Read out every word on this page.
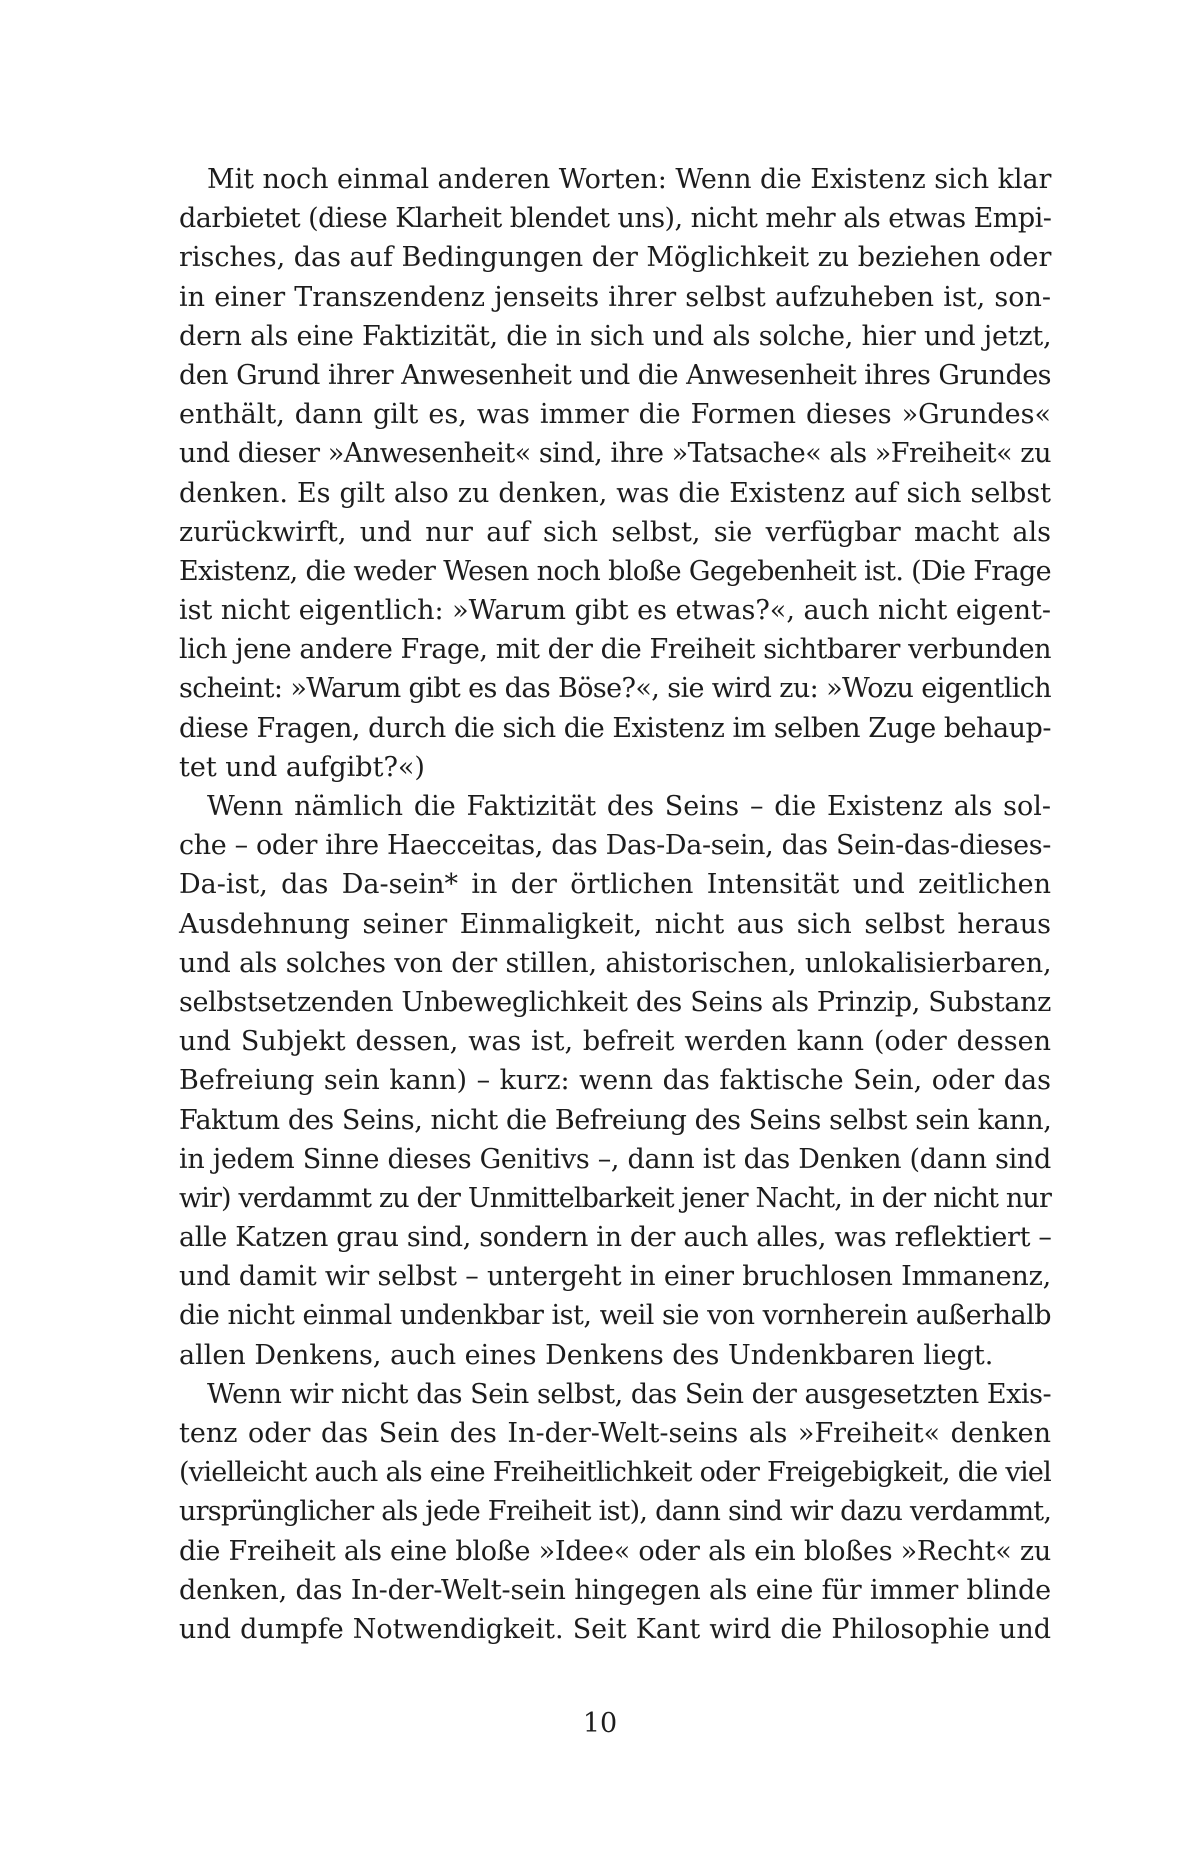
Mit noch einmal anderen Worten: Wenn die Existenz sich klar
darbietet (diese Klarheit blendet uns), nicht mehr als etwas Empi-
risches, das auf Bedingungen der Möglichkeit zu beziehen oder
in einer Transzendenz jenseits ihrer selbst aufzuheben ist, son-
dern als eine Faktizität, die in sich und als solche, hier und jetzt,
den Grund ihrer Anwesenheit und die Anwesenheit ihres Grundes
enthält, dann gilt es, was immer die Formen dieses »Grundes«
und dieser »Anwesenheit« sind, ihre »Tatsache« als »Freiheit« zu
denken. Es gilt also zu denken, was die Existenz auf sich selbst
zurückwirft, und nur auf sich selbst, sie verfügbar macht als
Existenz, die weder Wesen noch bloße Gegebenheit ist. (Die Frage
ist nicht eigentlich: »Warum gibt es etwas?«, auch nicht eigent-
lich jene andere Frage, mit der die Freiheit sichtbarer verbunden
scheint: »Warum gibt es das Böse?«, sie wird zu: »Wozu eigentlich
diese Fragen, durch die sich die Existenz im selben Zuge behaup-
tet und aufgibt?«)
Wenn nämlich die Faktizität des Seins – die Existenz als sol-
che – oder ihre Haecceitas, das Das-Da-sein, das Sein-das-dieses-
Da-ist, das Da-sein* in der örtlichen Intensität und zeitlichen
Ausdehnung seiner Einmaligkeit, nicht aus sich selbst heraus
und als solches von der stillen, ahistorischen, unlokalisierbaren,
selbstsetzenden Unbeweglichkeit des Seins als Prinzip, Substanz
und Subjekt dessen, was ist, befreit werden kann (oder dessen
Befreiung sein kann) – kurz: wenn das faktische Sein, oder das
Faktum des Seins, nicht die Befreiung des Seins selbst sein kann,
in jedem Sinne dieses Genitivs –, dann ist das Denken (dann sind
wir) verdammt zu der Unmittelbarkeit jener Nacht, in der nicht nur
alle Katzen grau sind, sondern in der auch alles, was reflektiert –
und damit wir selbst – untergeht in einer bruchlosen Immanenz,
die nicht einmal undenkbar ist, weil sie von vornherein außerhalb
allen Denkens, auch eines Denkens des Undenkbaren liegt.
Wenn wir nicht das Sein selbst, das Sein der ausgesetzten Exis-
tenz oder das Sein des In-der-Welt-seins als »Freiheit« denken
(vielleicht auch als eine Freiheitlichkeit oder Freigebigkeit, die viel
ursprünglicher als jede Freiheit ist), dann sind wir dazu verdammt,
die Freiheit als eine bloße »Idee« oder als ein bloßes »Recht« zu
denken, das In-der-Welt-sein hingegen als eine für immer blinde
und dumpfe Notwendigkeit. Seit Kant wird die Philosophie und
10
